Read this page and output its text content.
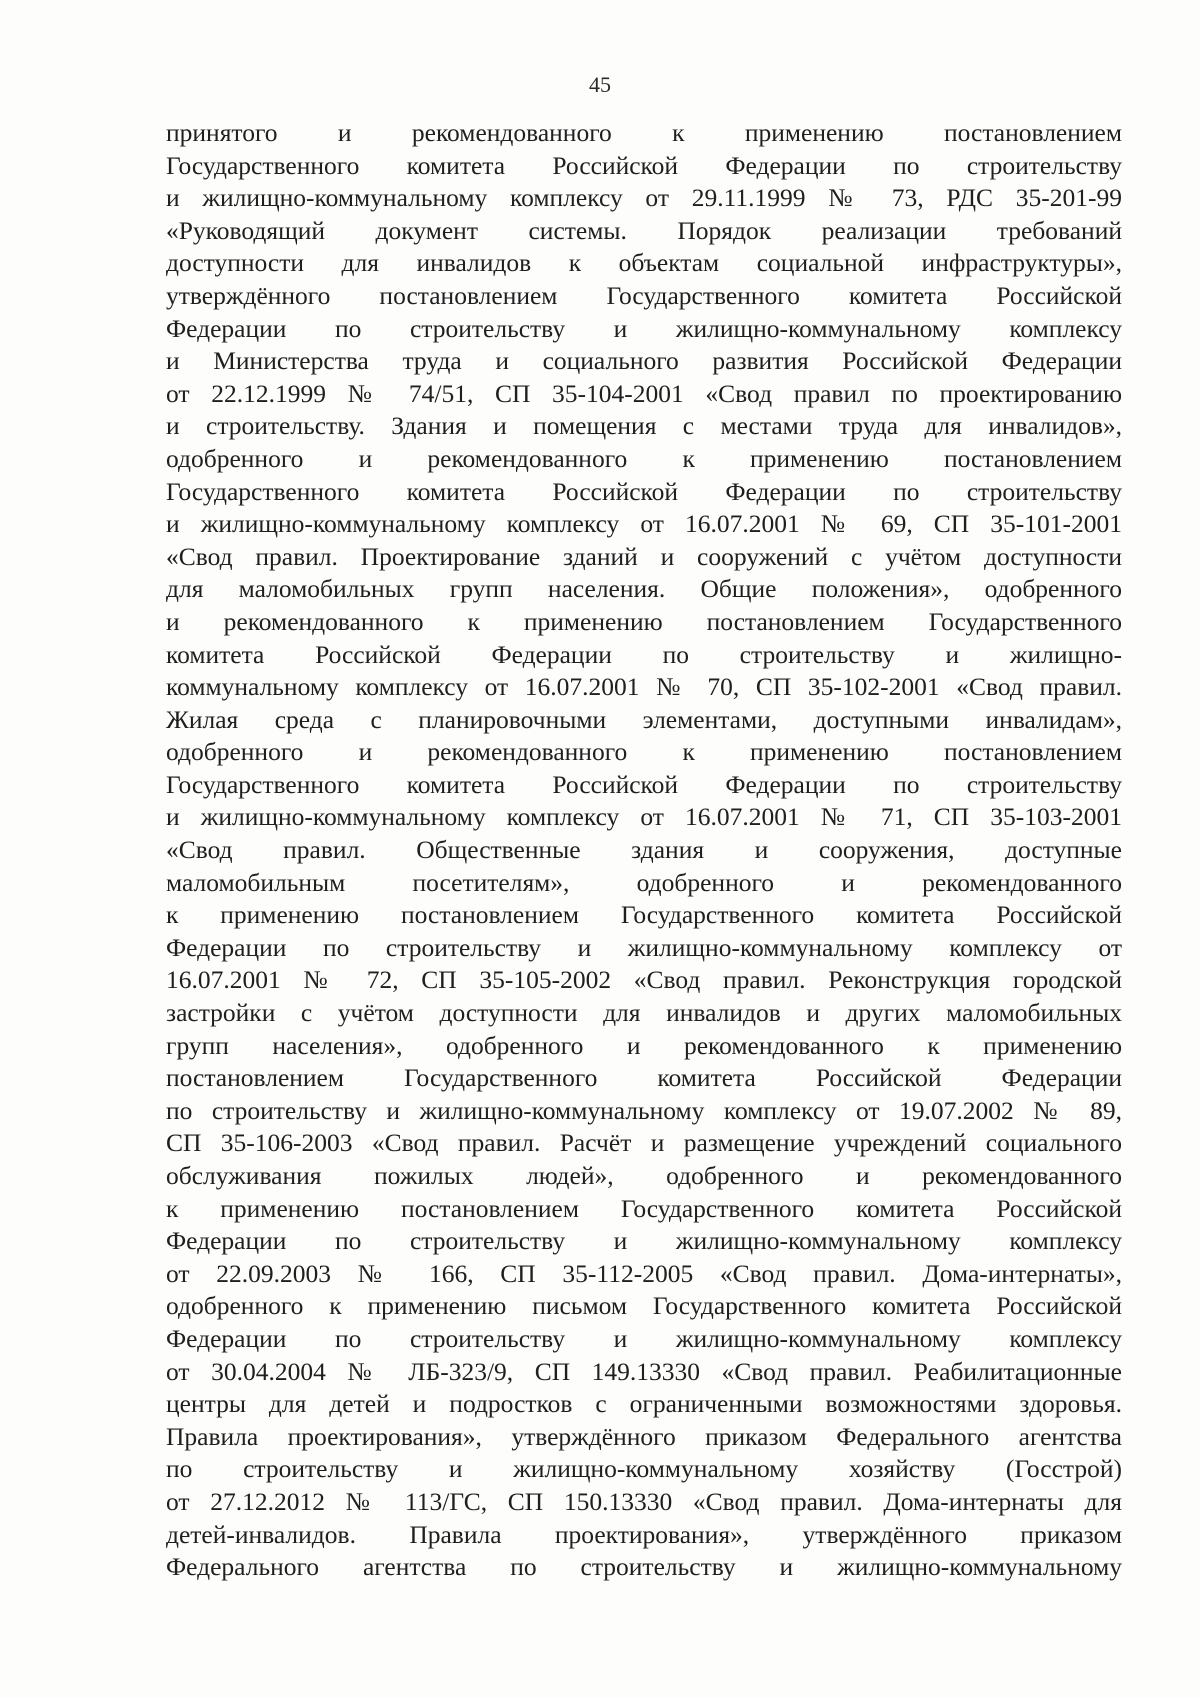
45
принятого и рекомендованного к применению постановлением
Государственного комитета Российской Федерации по строительству
и жилищно-коммунальному комплексу от 29.11.1999 № 73, РДС 35-201-99
«Руководящий документ системы. Порядок реализации требований
доступности для инвалидов к объектам социальной инфраструктуры»,
утверждённого постановлением Государственного комитета Российской
Федерации по строительству и жилищно-коммунальному комплексу
и Министерства труда и социального развития Российской Федерации
от 22.12.1999 № 74/51, СП 35-104-2001 «Свод правил по проектированию
и строительству. Здания и помещения с местами труда для инвалидов»,
одобренного и рекомендованного к применению постановлением
Государственного комитета Российской Федерации по строительству
и жилищно-коммунальному комплексу от 16.07.2001 № 69, СП 35-101-2001
«Свод правил. Проектирование зданий и сооружений с учётом доступности
для маломобильных групп населения. Общие положения», одобренного
и рекомендованного к применению постановлением Государственного
комитета Российской Федерации по строительству и жилищно-
коммунальному комплексу от 16.07.2001 № 70, СП 35-102-2001 «Свод правил.
Жилая среда с планировочными элементами, доступными инвалидам»,
одобренного и рекомендованного к применению постановлением
Государственного комитета Российской Федерации по строительству
и жилищно-коммунальному комплексу от 16.07.2001 № 71, СП 35-103-2001
«Свод правил. Общественные здания и сооружения, доступные
маломобильным посетителям», одобренного и рекомендованного
к применению постановлением Государственного комитета Российской
Федерации по строительству и жилищно-коммунальному комплексу от
16.07.2001 № 72, СП 35-105-2002 «Свод правил. Реконструкция городской
застройки с учётом доступности для инвалидов и других маломобильных
групп населения», одобренного и рекомендованного к применению
постановлением Государственного комитета Российской Федерации
по строительству и жилищно-коммунальному комплексу от 19.07.2002 № 89,
СП 35-106-2003 «Свод правил. Расчёт и размещение учреждений социального
обслуживания пожилых людей», одобренного и рекомендованного
к применению постановлением Государственного комитета Российской
Федерации по строительству и жилищно-коммунальному комплексу
от 22.09.2003 № 166, СП 35-112-2005 «Свод правил. Дома-интернаты»,
одобренного к применению письмом Государственного комитета Российской
Федерации по строительству и жилищно-коммунальному комплексу
от 30.04.2004 № ЛБ-323/9, СП 149.13330 «Свод правил. Реабилитационные
центры для детей и подростков с ограниченными возможностями здоровья.
Правила проектирования», утверждённого приказом Федерального агентства
по строительству и жилищно-коммунальному хозяйству (Госстрой)
от 27.12.2012 № 113/ГС, СП 150.13330 «Свод правил. Дома-интернаты для
детей-инвалидов. Правила проектирования», утверждённого приказом
Федерального агентства по строительству и жилищно-коммунальному
